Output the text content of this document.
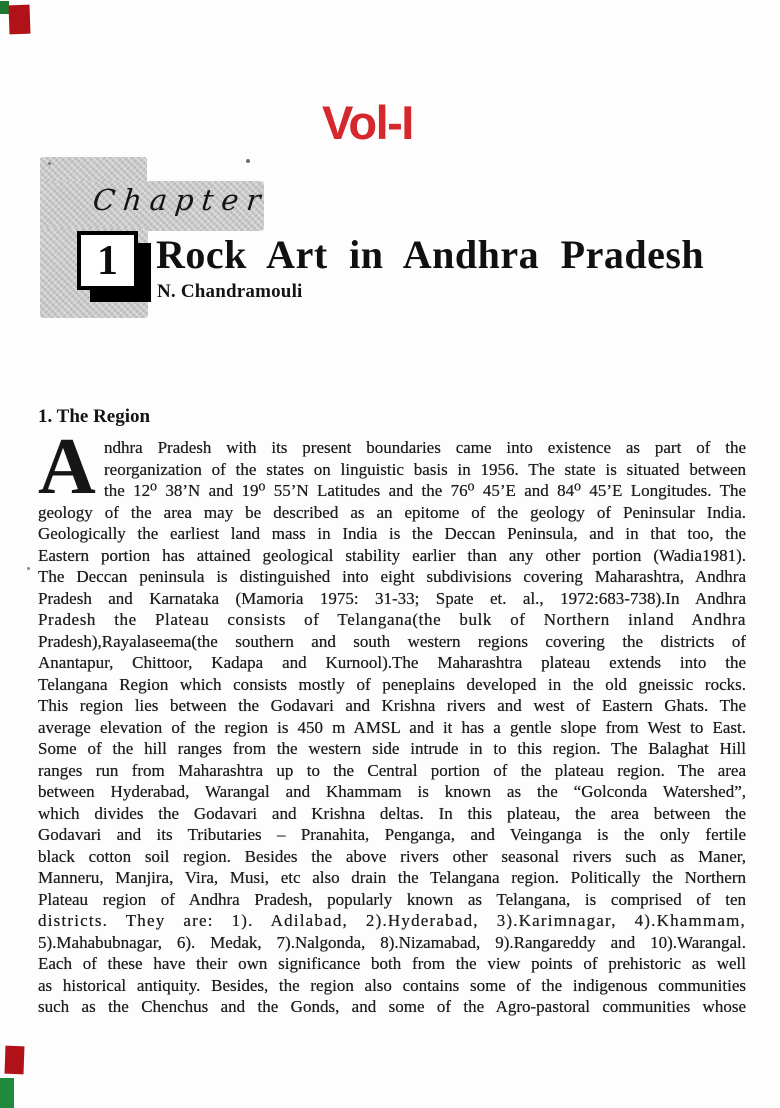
Vol-I
Chapter
1 Rock Art in Andhra Pradesh
N. Chandramouli
1. The Region
A ndhra Pradesh with its present boundaries came into existence as part of the
reorganization of the states on linguistic basis in 1956. The state is situated between
the 12⁰ 38’N and 19⁰ 55’N Latitudes and the 76⁰ 45’E and 84⁰ 45’E Longitudes. The
geology of the area may be described as an epitome of the geology of Peninsular India.
Geologically the earliest land mass in India is the Deccan Peninsula, and in that too, the
Eastern portion has attained geological stability earlier than any other portion (Wadia1981).
The Deccan peninsula is distinguished into eight subdivisions covering Maharashtra, Andhra
Pradesh and Karnataka (Mamoria 1975: 31-33; Spate et. al., 1972:683-738).In Andhra
Pradesh the Plateau consists of Telangana(the bulk of Northern inland Andhra
Pradesh),Rayalaseema(the southern and south western regions covering the districts of
Anantapur, Chittoor, Kadapa and Kurnool).The Maharashtra plateau extends into the
Telangana Region which consists mostly of peneplains developed in the old gneissic rocks.
This region lies between the Godavari and Krishna rivers and west of Eastern Ghats. The
average elevation of the region is 450 m AMSL and it has a gentle slope from West to East.
Some of the hill ranges from the western side intrude in to this region. The Balaghat Hill
ranges run from Maharashtra up to the Central portion of the plateau region. The area
between Hyderabad, Warangal and Khammam is known as the “Golconda Watershed”,
which divides the Godavari and Krishna deltas. In this plateau, the area between the
Godavari and its Tributaries – Pranahita, Penganga, and Veinganga is the only fertile
black cotton soil region. Besides the above rivers other seasonal rivers such as Maner,
Manneru, Manjira, Vira, Musi, etc also drain the Telangana region. Politically the Northern
Plateau region of Andhra Pradesh, popularly known as Telangana, is comprised of ten
districts. They are: 1). Adilabad, 2).Hyderabad, 3).Karimnagar, 4).Khammam,
5).Mahabubnagar, 6). Medak, 7).Nalgonda, 8).Nizamabad, 9).Rangareddy and 10).Warangal.
Each of these have their own significance both from the view points of prehistoric as well
as historical antiquity. Besides, the region also contains some of the indigenous communities
such as the Chenchus and the Gonds, and some of the Agro-pastoral communities whose
